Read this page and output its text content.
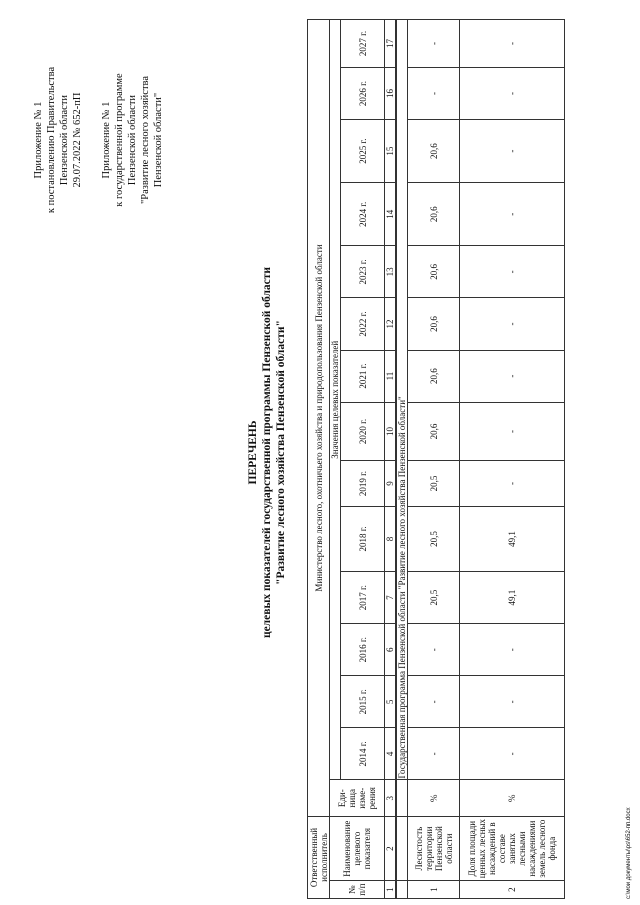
Приложение № 1 к постановлению Правительства Пензенской области 29.07.2022 № 652-пП Приложение № 1 к государственной программе Пензенской области "Развитие лесного хозяйства Пензенской области"
ПЕРЕЧЕНЬ целевых показателей государственной программы Пензенской области "Развитие лесного хозяйства Пензенской области"
Ответственный исполнитель		Министерство лесного, охотничьего хозяйства и природопользования Пензенской области														
№ п/п	Наименование целевого показателя	Еди- ница изме- рения	Значения целевых показателей													
			2014 г.	2015 г.	2016 г.	2017 г.	2018 г.	2019 г.	2020 г.	2021 г.	2022 г.	2023 г.	2024 г.	2025 г.	2026 г.	2027 г.
1	2	3	4	5	6	7	8	9	10	11	12	13	14	15	16	17
			Государственная программа Пензенской области "Развитие лесного хозяйства Пензенской области"													
1	Лесистость территории Пензенской области	%	-	-	-	20,5	20,5	20,5	20,6	20,6	20,6	20,6	20,6	20,6	-	-
2	Доля площади ценных лесных насаждений в составе занятых лесными насаждениями земель лесного фонда	%	-	-	-	49,1	49,1	-	-	-	-	-	-	-	-	-
c:\мои документы\ps\652-пп.docx
